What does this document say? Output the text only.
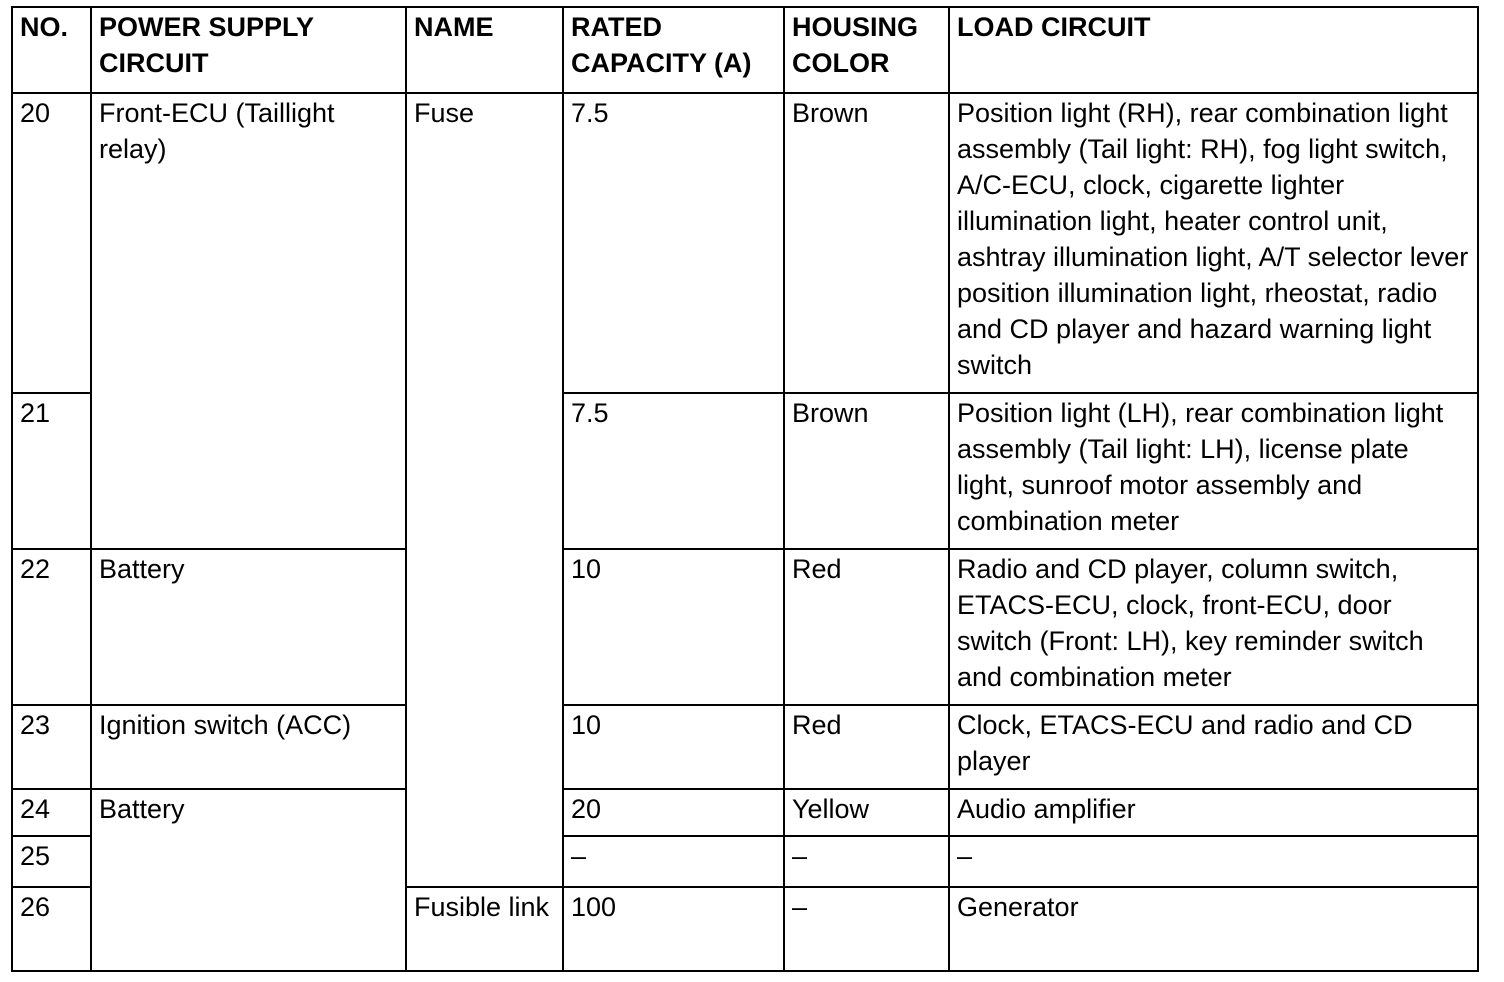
NO.	POWER SUPPLY CIRCUIT	NAME	RATED CAPACITY (A)	HOUSING COLOR	LOAD CIRCUIT
20	Front-ECU (Taillight relay)	Fuse	7.5	Brown	Position light (RH), rear combination light assembly (Tail light: RH), fog light switch, A/C-ECU, clock, cigarette lighter illumination light, heater control unit, ashtray illumination light, A/T selector lever position illumination light, rheostat, radio and CD player and hazard warning light switch
21			7.5	Brown	Position light (LH), rear combination light assembly (Tail light: LH), license plate light, sunroof motor assembly and combination meter
22	Battery		10	Red	Radio and CD player, column switch, ETACS-ECU, clock, front-ECU, door switch (Front: LH), key reminder switch and combination meter
23	Ignition switch (ACC)		10	Red	Clock, ETACS-ECU and radio and CD player
24	Battery		20	Yellow	Audio amplifier
25			–	–	–
26		Fusible link	100	–	Generator
